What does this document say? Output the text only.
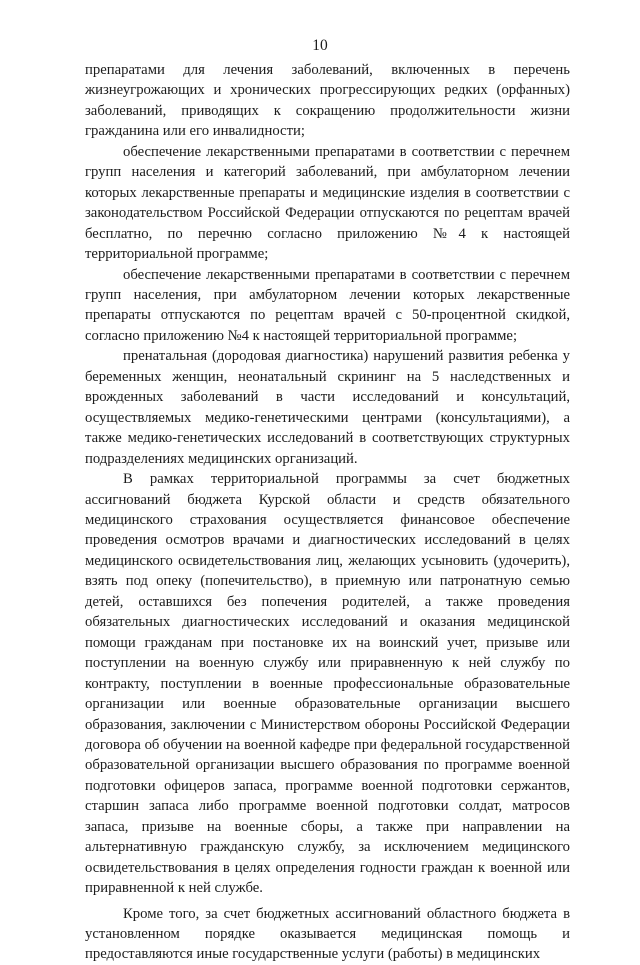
10

препаратами для лечения заболеваний, включенных в перечень жизнеугрожающих и хронических прогрессирующих редких (орфанных) заболеваний, приводящих к сокращению продолжительности жизни гражданина или его инвалидности;

обеспечение лекарственными препаратами в соответствии с перечнем групп населения и категорий заболеваний, при амбулаторном лечении которых лекарственные препараты и медицинские изделия в соответствии с законодательством Российской Федерации отпускаются по рецептам врачей бесплатно, по перечню согласно приложению №4 к настоящей территориальной программе;

обеспечение лекарственными препаратами в соответствии с перечнем групп населения, при амбулаторном лечении которых лекарственные препараты отпускаются по рецептам врачей с 50-процентной скидкой, согласно приложению №4 к настоящей территориальной программе;

пренатальная (дородовая диагностика) нарушений развития ребенка у беременных женщин, неонатальный скрининг на 5 наследственных и врожденных заболеваний в части исследований и консультаций, осуществляемых медико-генетическими центрами (консультациями), а также медико-генетических исследований в соответствующих структурных подразделениях медицинских организаций.

В рамках территориальной программы за счет бюджетных ассигнований бюджета Курской области и средств обязательного медицинского страхования осуществляется финансовое обеспечение проведения осмотров врачами и диагностических исследований в целях медицинского освидетельствования лиц, желающих усыновить (удочерить), взять под опеку (попечительство), в приемную или патронатную семью детей, оставшихся без попечения родителей, а также проведения обязательных диагностических исследований и оказания медицинской помощи гражданам при постановке их на воинский учет, призыве или поступлении на военную службу или приравненную к ней службу по контракту, поступлении в военные профессиональные образовательные организации или военные образовательные организации высшего образования, заключении с Министерством обороны Российской Федерации договора об обучении на военной кафедре при федеральной государственной образовательной организации высшего образования по программе военной подготовки офицеров запаса, программе военной подготовки сержантов, старшин запаса либо программе военной подготовки солдат, матросов запаса, призыве на военные сборы, а также при направлении на альтернативную гражданскую службу, за исключением медицинского освидетельствования в целях определения годности граждан к военной или приравненной к ней службе.

Кроме того, за счет бюджетных ассигнований областного бюджета в установленном порядке оказывается медицинская помощь и предоставляются иные государственные услуги (работы) в медицинских
